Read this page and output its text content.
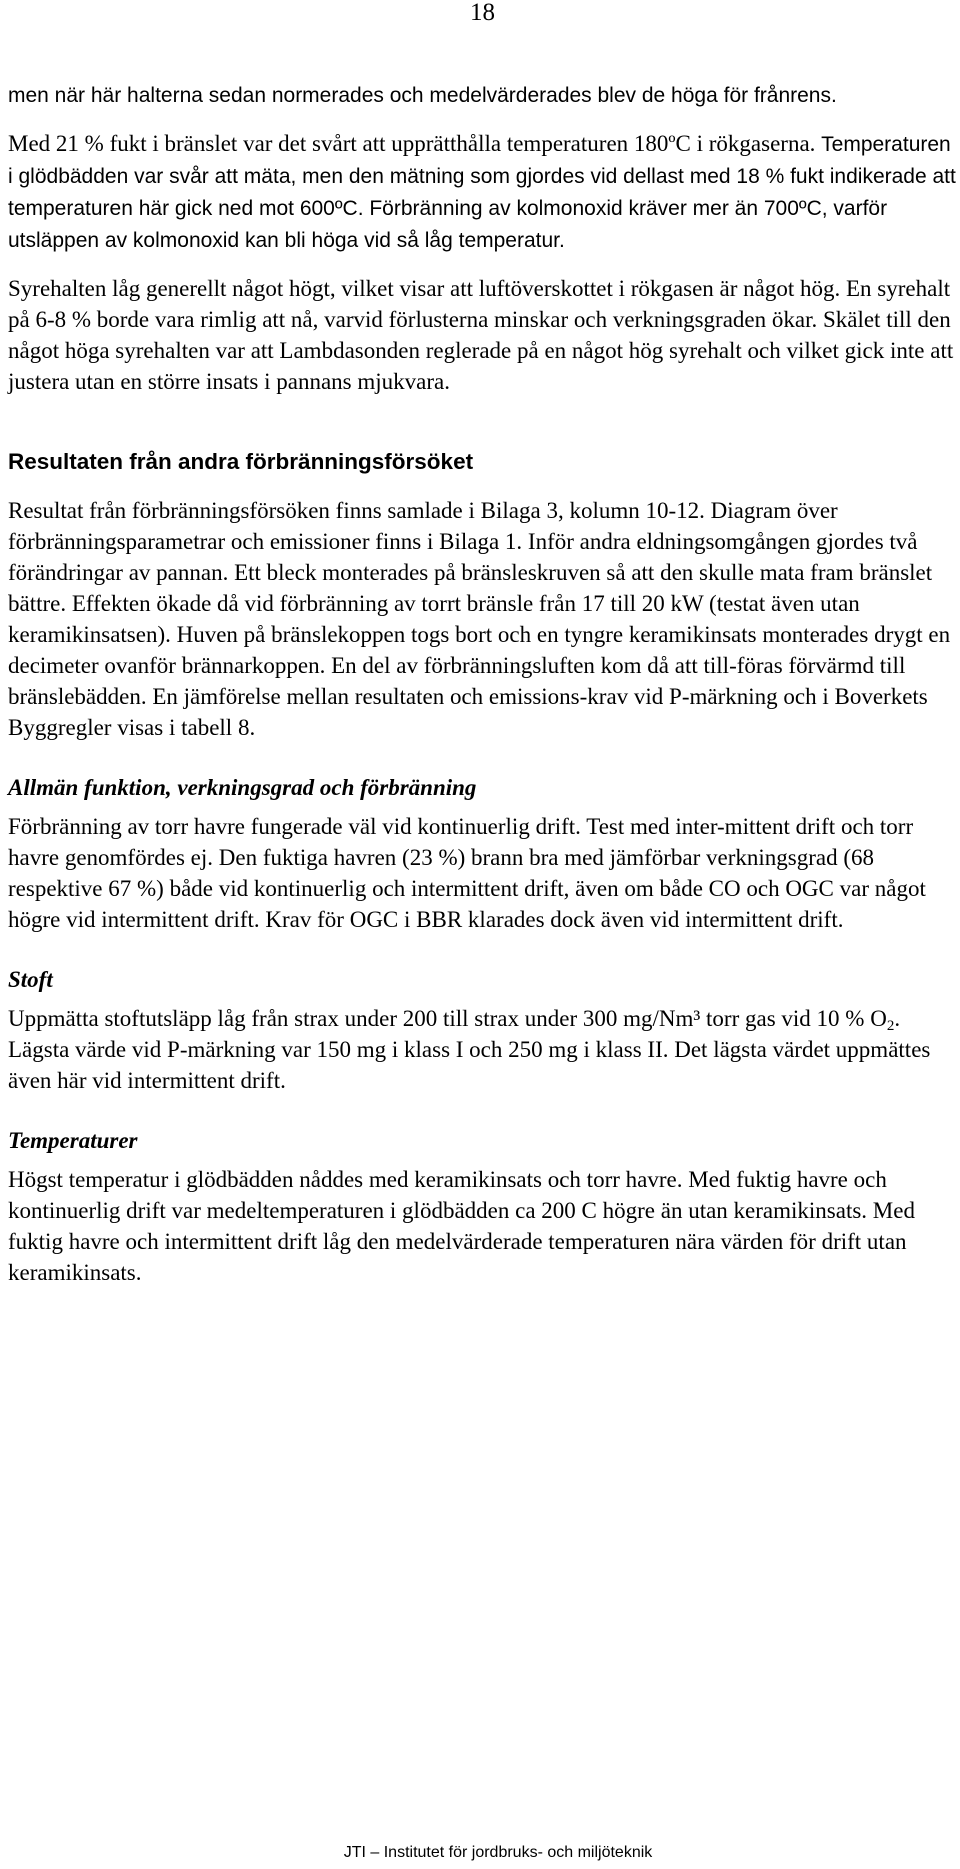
18

men när här halterna sedan normerades och medelvärderades blev de höga för frånrens.

Med 21 % fukt i bränslet var det svårt att upprätthålla temperaturen 180ºC i rökgaserna. Temperaturen i glödbädden var svår att mäta, men den mätning som gjordes vid dellast med 18 % fukt indikerade att temperaturen här gick ned mot 600ºC. Förbränning av kolmonoxid kräver mer än 700ºC, varför utsläppen av kolmonoxid kan bli höga vid så låg temperatur.

Syrehalten låg generellt något högt, vilket visar att luftöverskottet i rökgasen är något hög. En syrehalt på 6-8 % borde vara rimlig att nå, varvid förlusterna minskar och verkningsgraden ökar. Skälet till den något höga syrehalten var att Lambdasonden reglerade på en något hög syrehalt och vilket gick inte att justera utan en större insats i pannans mjukvara.

Resultaten från andra förbränningsförsöket

Resultat från förbränningsförsöken finns samlade i Bilaga 3, kolumn 10-12. Diagram över förbränningsparametrar och emissioner finns i Bilaga 1. Inför andra eldningsomgången gjordes två förändringar av pannan. Ett bleck monterades på bränsleskruven så att den skulle mata fram bränslet bättre. Effekten ökade då vid förbränning av torrt bränsle från 17 till 20 kW (testat även utan keramikinsatsen). Huven på bränslekoppen togs bort och en tyngre keramikinsats monterades drygt en decimeter ovanför brännarkoppen. En del av förbränningsluften kom då att till-föras förvärmd till bränslebädden. En jämförelse mellan resultaten och emissions-krav vid P-märkning och i Boverkets Byggregler visas i tabell 8.

Allmän funktion, verkningsgrad och förbränning

Förbränning av torr havre fungerade väl vid kontinuerlig drift. Test med inter-mittent drift och torr havre genomfördes ej. Den fuktiga havren (23 %) brann bra med jämförbar verkningsgrad (68 respektive 67 %) både vid kontinuerlig och intermittent drift, även om både CO och OGC var något högre vid intermittent drift. Krav för OGC i BBR klarades dock även vid intermittent drift.

Stoft

Uppmätta stoftutsläpp låg från strax under 200 till strax under 300 mg/Nm³ torr gas vid 10 % $O_2$. Lägsta värde vid P-märkning var 150 mg i klass I och 250 mg i klass II. Det lägsta värdet uppmättes även här vid intermittent drift.

Temperaturer

Högst temperatur i glödbädden nåddes med keramikinsats och torr havre. Med fuktig havre och kontinuerlig drift var medeltemperaturen i glödbädden ca 200 C högre än utan keramikinsats. Med fuktig havre och intermittent drift låg den medelvärderade temperaturen nära värden för drift utan keramikinsats.

JTI – Institutet för jordbruks- och miljöteknik
